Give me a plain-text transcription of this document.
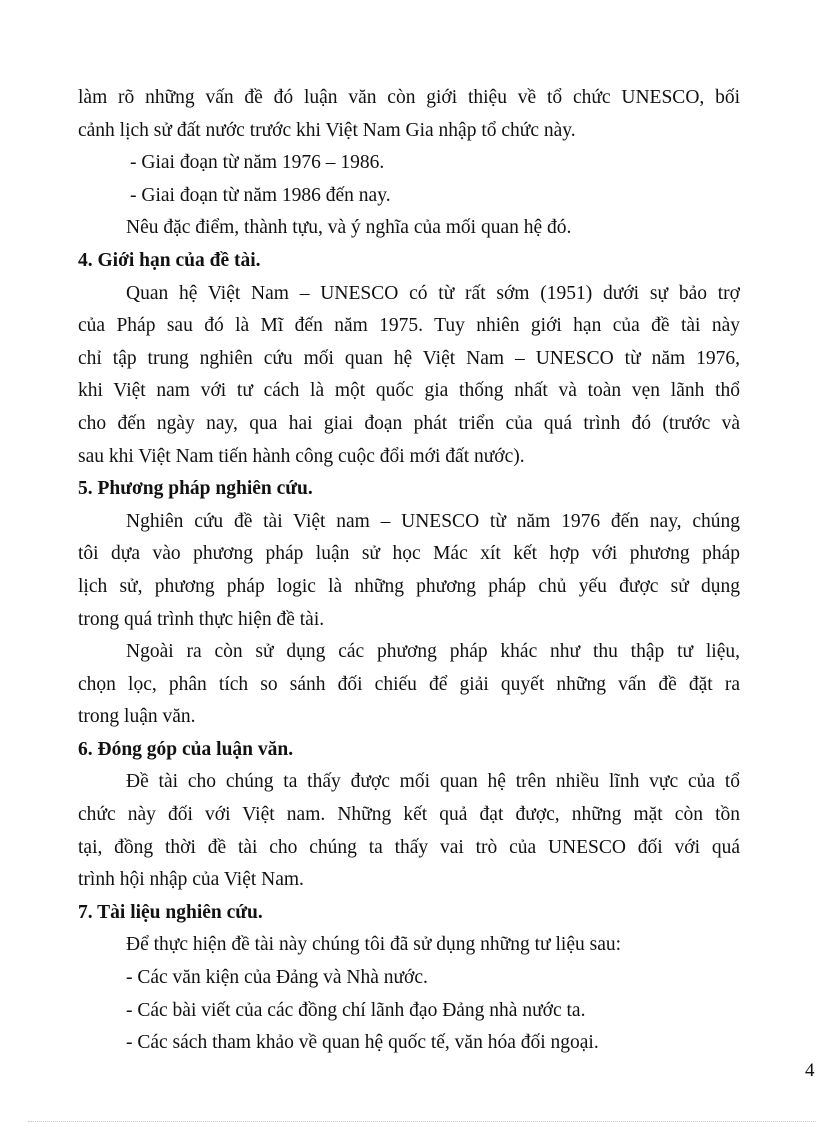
làm rõ những vấn đề đó luận văn còn giới thiệu về tổ chức UNESCO, bối
cảnh lịch sử đất nước trước khi Việt Nam Gia nhập tổ chức này.
- Giai đoạn từ năm 1976 – 1986.
- Giai đoạn từ năm 1986 đến nay.
Nêu đặc điểm, thành tựu, và ý nghĩa của mối quan hệ đó.
4. Giới hạn của đề tài.
Quan hệ Việt Nam – UNESCO có từ rất sớm (1951) dưới sự bảo trợ
của Pháp sau đó là Mĩ đến năm 1975. Tuy nhiên giới hạn của đề tài này
chỉ tập trung nghiên cứu mối quan hệ Việt Nam – UNESCO từ năm 1976,
khi Việt nam với tư cách là một quốc gia thống nhất và toàn vẹn lãnh thổ
cho đến ngày nay, qua hai giai đoạn phát triển của quá trình đó (trước và
sau khi Việt Nam tiến hành công cuộc đổi mới đất nước).
5. Phương pháp nghiên cứu.
Nghiên cứu đề tài Việt nam – UNESCO từ năm 1976 đến nay, chúng
tôi dựa vào phương pháp luận sử học Mác xít kết hợp với phương pháp
lịch sử, phương pháp logic là những phương pháp chủ yếu được sử dụng
trong quá trình thực hiện đề tài.
Ngoài ra còn sử dụng các phương pháp khác như thu thập tư liệu,
chọn lọc, phân tích so sánh đối chiếu để giải quyết những vấn đề đặt ra
trong luận văn.
6. Đóng góp của luận văn.
Đề tài cho chúng ta thấy được mối quan hệ trên nhiều lĩnh vực của tổ
chức này đối với Việt nam. Những kết quả đạt được, những mặt còn tồn
tại, đồng thời đề tài cho chúng ta thấy vai trò của UNESCO đối với quá
trình hội nhập của Việt Nam.
7. Tài liệu nghiên cứu.
Để thực hiện đề tài này chúng tôi đã sử dụng những tư liệu sau:
- Các văn kiện của Đảng và Nhà nước.
- Các bài viết của các đồng chí lãnh đạo Đảng nhà nước ta.
- Các sách tham khảo về quan hệ quốc tế, văn hóa đối ngoại.
4
